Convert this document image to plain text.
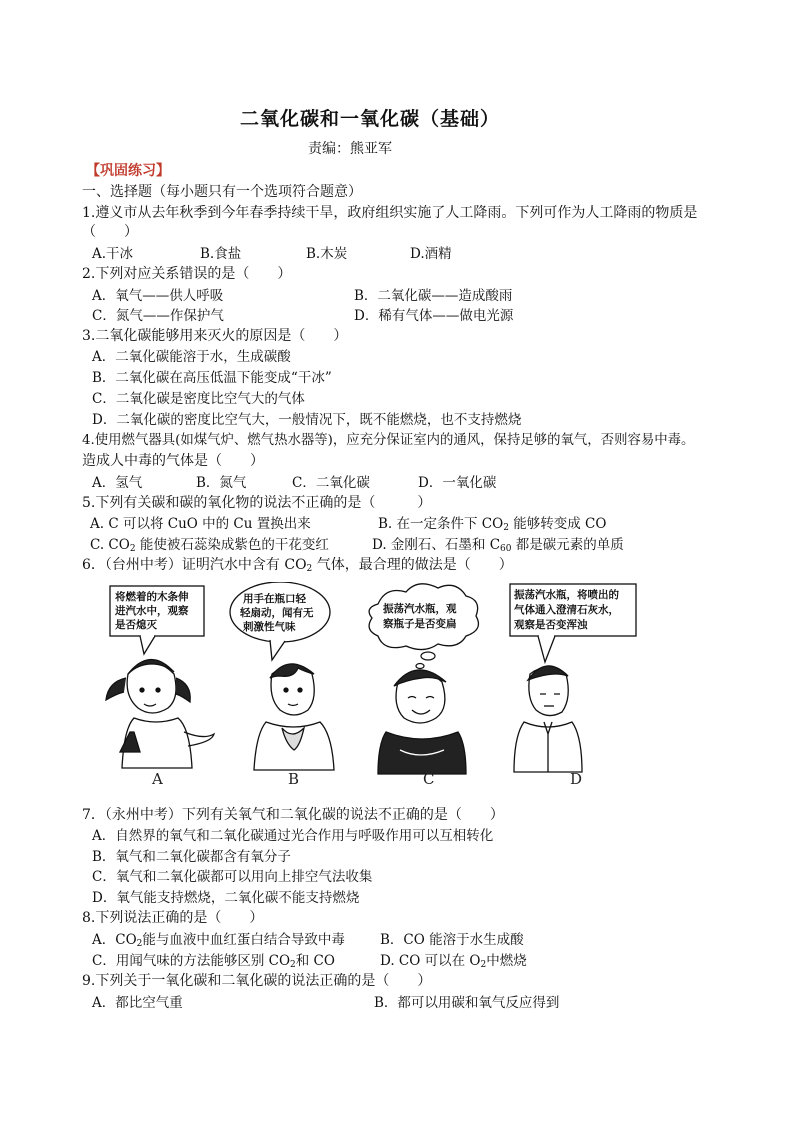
二氧化碳和一氧化碳（基础）
责编：熊亚军
【巩固练习】
一、选择题（每小题只有一个选项符合题意）
1.遵义市从去年秋季到今年春季持续干旱，政府组织实施了人工降雨。下列可作为人工降雨的物质是
（　　）
A.干冰	B.食盐	B.木炭	D.酒精
2.下列对应关系错误的是（　　）
A．氧气——供人呼吸	B．二氧化碳——造成酸雨
C．氮气——作保护气	D．稀有气体——做电光源
3.二氧化碳能够用来灭火的原因是（　　）
A．二氧化碳能溶于水，生成碳酸
B．二氧化碳在高压低温下能变成“干冰”
C．二氧化碳是密度比空气大的气体
D．二氧化碳的密度比空气大，一般情况下，既不能燃烧，也不支持燃烧
4.使用燃气器具(如煤气炉、燃气热水器等)，应充分保证室内的通风，保持足够的氧气，否则容易中毒。
造成人中毒的气体是（　　）
A．氢气	B．氮气	C．二氧化碳	D．一氧化碳
5.下列有关碳和碳的氧化物的说法不正确的是（　　　）
A. C 可以将 CuO 中的 Cu 置换出来	B. 在一定条件下 $CO_2$ 能够转变成 CO
C. $CO_2$ 能使被石蕊染成紫色的干花变红	D. 金刚石、石墨和 $C_{60}$ 都是碳元素的单质
6．（台州中考）证明汽水中含有 $CO_2$ 气体，最合理的做法是（　　）
将燃着的木条伸
进汽水中，观察
是否熄灭
用手在瓶口轻
轻扇动，闻有无
刺激性气味
振荡汽水瓶，观
察瓶子是否变扁
振荡汽水瓶，将喷出的
气体通入澄清石灰水，
观察是否变浑浊
A	B	C	D
7．（永州中考）下列有关氧气和二氧化碳的说法不正确的是（　　）
A．自然界的氧气和二氧化碳通过光合作用与呼吸作用可以互相转化
B．氧气和二氧化碳都含有氧分子
C．氧气和二氧化碳都可以用向上排空气法收集
D．氧气能支持燃烧，二氧化碳不能支持燃烧
8.下列说法正确的是（　　）
A．$CO_2$能与血液中血红蛋白结合导致中毒	B．CO 能溶于水生成酸
C．用闻气味的方法能够区别 $CO_2$和 CO	D. CO 可以在 $O_2$中燃烧
9.下列关于一氧化碳和二氧化碳的说法正确的是（　　）
A．都比空气重	B．都可以用碳和氧气反应得到
